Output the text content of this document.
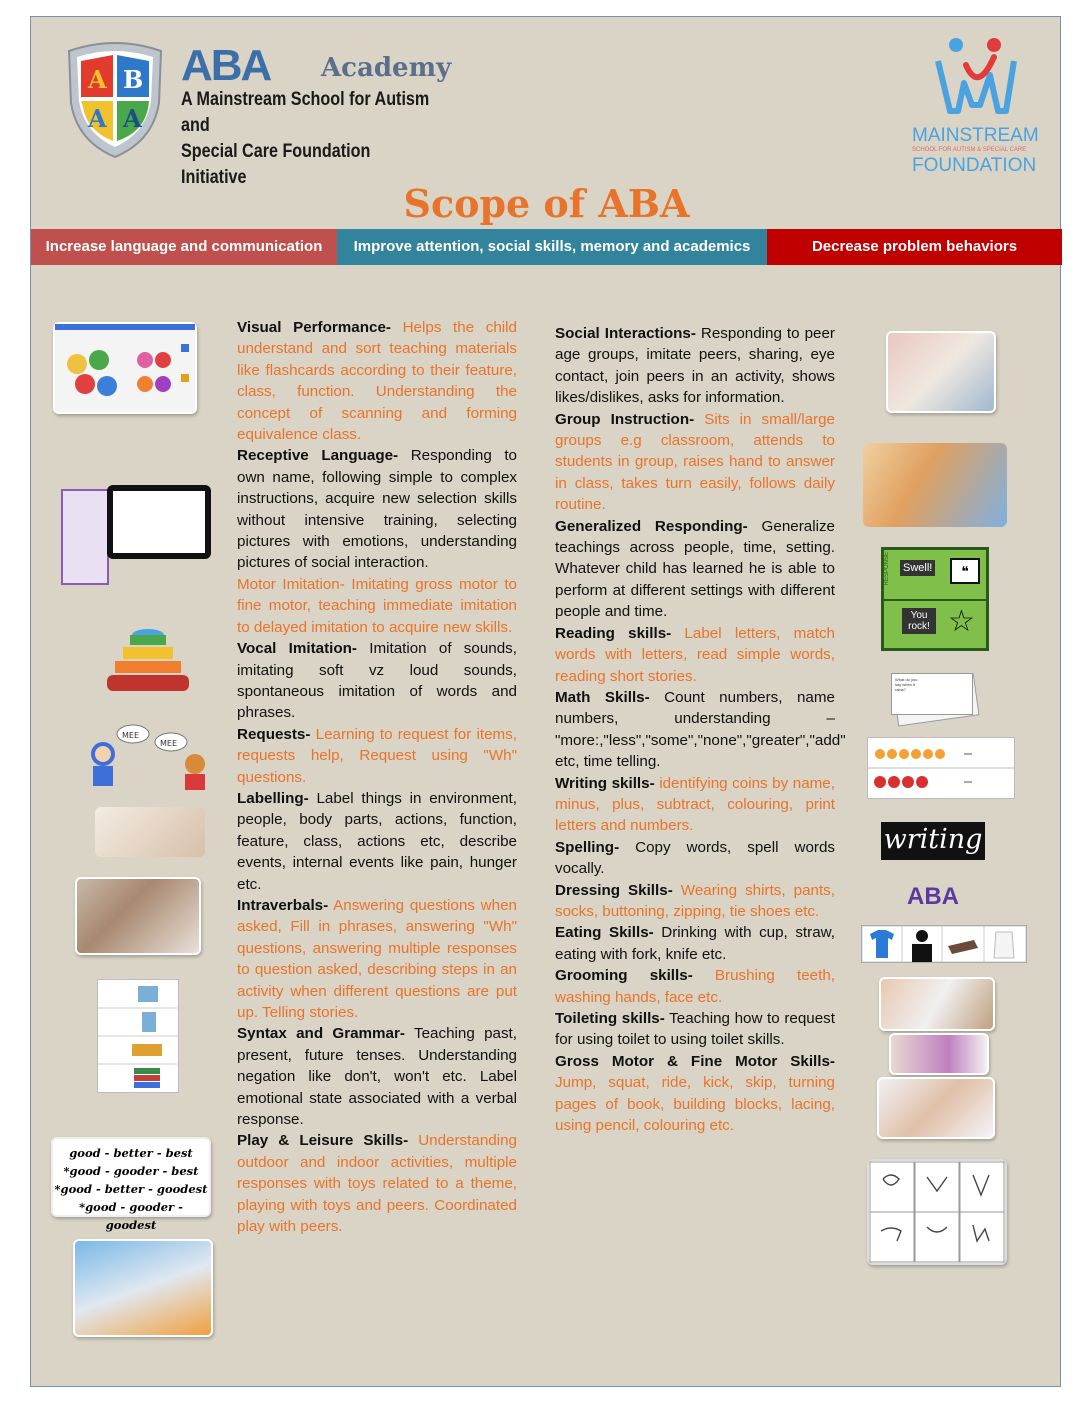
A B
A A
ABA Academy
A Mainstream School for Autism and
Special Care Foundation Initiative
MAINSTREAM
SCHOOL FOR AUTISM & SPECIAL CARE
FOUNDATION
Scope of ABA
Increase language and communication	Improve attention, social skills, memory and academics	Decrease problem behaviors
MEE
MEE
good - better - best
*good - gooder - best
*good - better - goodest
*good - gooder - goodest

Visual Performance- Helps the child understand and sort teaching materials like flashcards according to their feature, class, function. Understanding the concept of scanning and forming equivalence class.

Receptive Language- Responding to own name, following simple to complex instructions, acquire new selection skills without intensive training, selecting pictures with emotions, understanding pictures of social interaction.

Motor Imitation- Imitating gross motor to fine motor, teaching immediate imitation to delayed imitation to acquire new skills.

Vocal Imitation- Imitation of sounds, imitating soft vz loud sounds, spontaneous imitation of words and phrases.

Requests- Learning to request for items, requests help, Request using "Wh" questions.

Labelling- Label things in environment, people, body parts, actions, function, feature, class, actions etc, describe events, internal events like pain, hunger etc.

Intraverbals- Answering questions when asked, Fill in phrases, answering "Wh" questions, answering multiple responses to question asked, describing steps in an activity when different questions are put up. Telling stories.

Syntax and Grammar- Teaching past, present, future tenses. Understanding negation like don't, won't etc. Label emotional state associated with a verbal response.

Play & Leisure Skills- Understanding outdoor and indoor activities, multiple responses with toys related to a theme, playing with toys and peers. Coordinated play with peers.

Social Interactions- Responding to peer age groups, imitate peers, sharing, eye contact, join peers in an activity, shows likes/dislikes, asks for information.

Group Instruction- Sits in small/large groups e.g classroom, attends to students in group, raises hand to answer in class, takes turn easily, follows daily routine.

Generalized Responding- Generalize teachings across people, time, setting. Whatever child has learned he is able to perform at different settings with different people and time.

Reading skills- Label letters, match words with letters, read simple words, reading short stories.

Math Skills- Count numbers, name numbers, understanding – "more:,"less","some","none","greater","add" etc, time telling.

Writing skills- identifying coins by name, minus, plus, subtract, colouring, print letters and numbers.

Spelling- Copy words, spell words vocally.

Dressing Skills- Wearing shirts, pants, socks, buttoning, zipping, tie shoes etc.

Eating Skills- Drinking with cup, straw, eating with fork, knife etc.

Grooming skills- Brushing teeth, washing hands, face etc.

Toileting skills- Teaching how to request for using toilet to using toilet skills.

Gross Motor & Fine Motor Skills- Jump, squat, ride, kick, skip, turning pages of book, building blocks, lacing, using pencil, colouring etc.

RESPONSE Swell!	❝
You rock! ☆
What do you say when it rains?
writing
ABA
